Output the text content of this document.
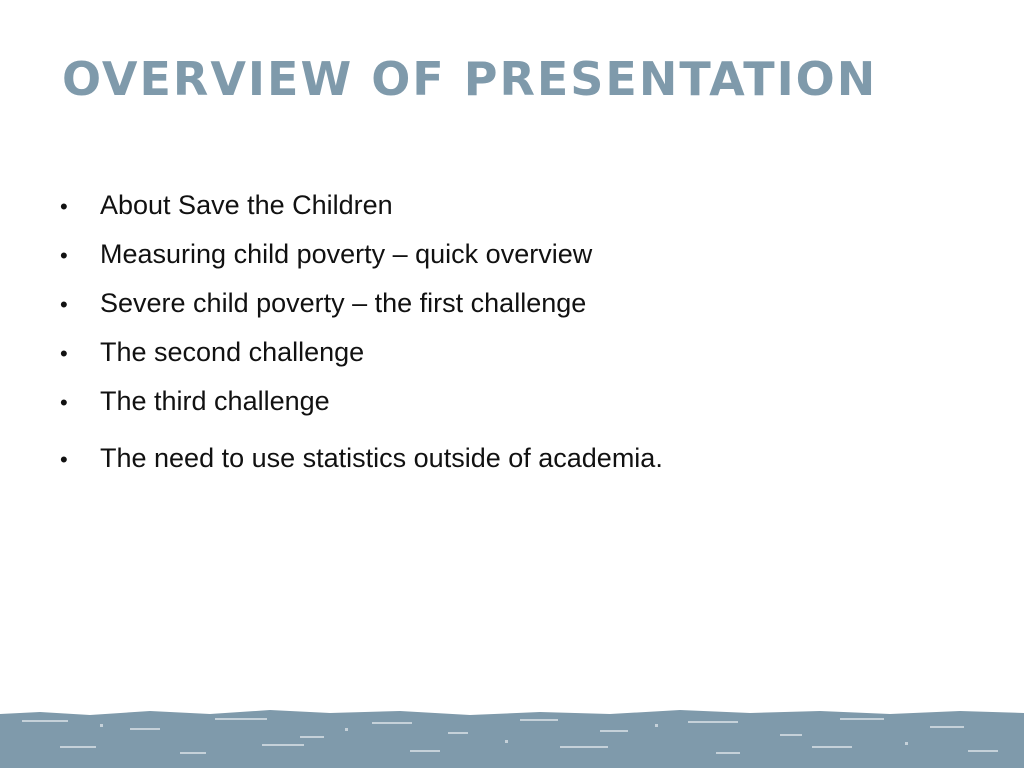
OVERVIEW OF PRESENTATION
•	About Save the Children
•	Measuring child poverty – quick overview
•	Severe child poverty – the first challenge
•	The second challenge
•	The third challenge
•	The need to use statistics outside of academia.
